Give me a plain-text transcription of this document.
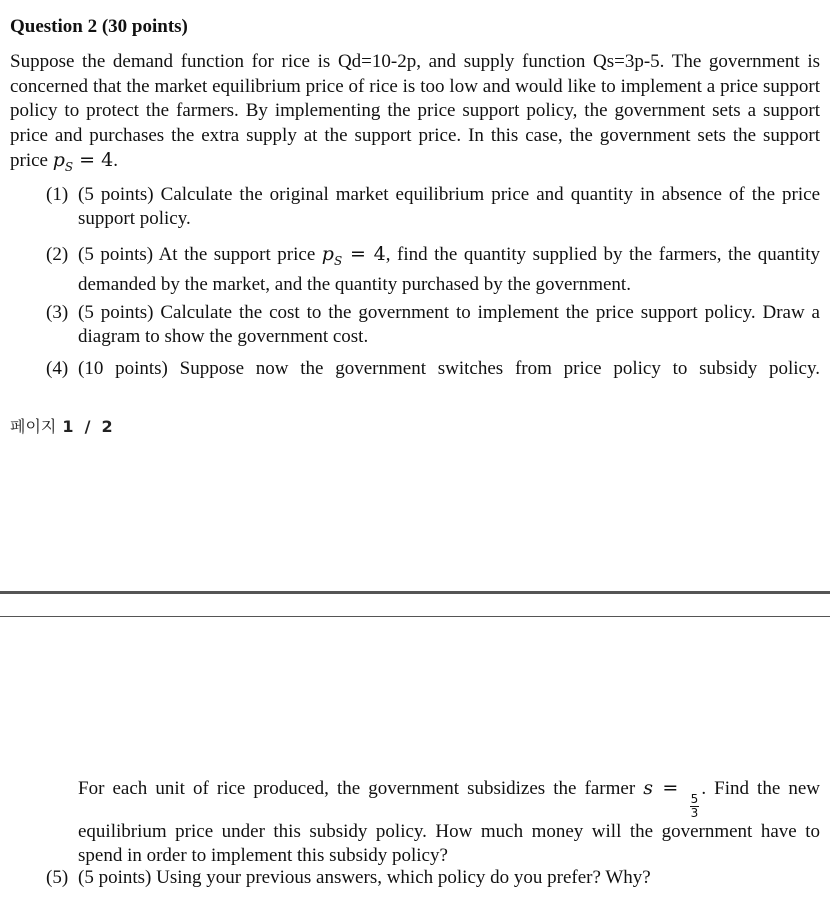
Question 2 (30 points)
Suppose the demand function for rice is Qd=10-2p, and supply function Qs=3p-5. The government is concerned that the market equilibrium price of rice is too low and would like to implement a price support policy to protect the farmers. By implementing the price support policy, the government sets a support price and purchases the extra supply at the support price. In this case, the government sets the support price $p_S = 4$.
(1) (5 points) Calculate the original market equilibrium price and quantity in absence of the price support policy.
(2) (5 points) At the support price $p_S = 4$, find the quantity supplied by the farmers, the quantity demanded by the market, and the quantity purchased by the government.
(3) (5 points) Calculate the cost to the government to implement the price support policy. Draw a diagram to show the government cost.
(4) (10 points) Suppose now the government switches from price policy to subsidy policy.
페이지 1 / 2
For each unit of rice produced, the government subsidizes the farmer s =
$\frac{5}{3}$
. Find the new equilibrium price under this subsidy policy. How much money will the government have to spend in order to implement this subsidy policy?
(5) (5 points) Using your previous answers, which policy do you prefer? Why?
